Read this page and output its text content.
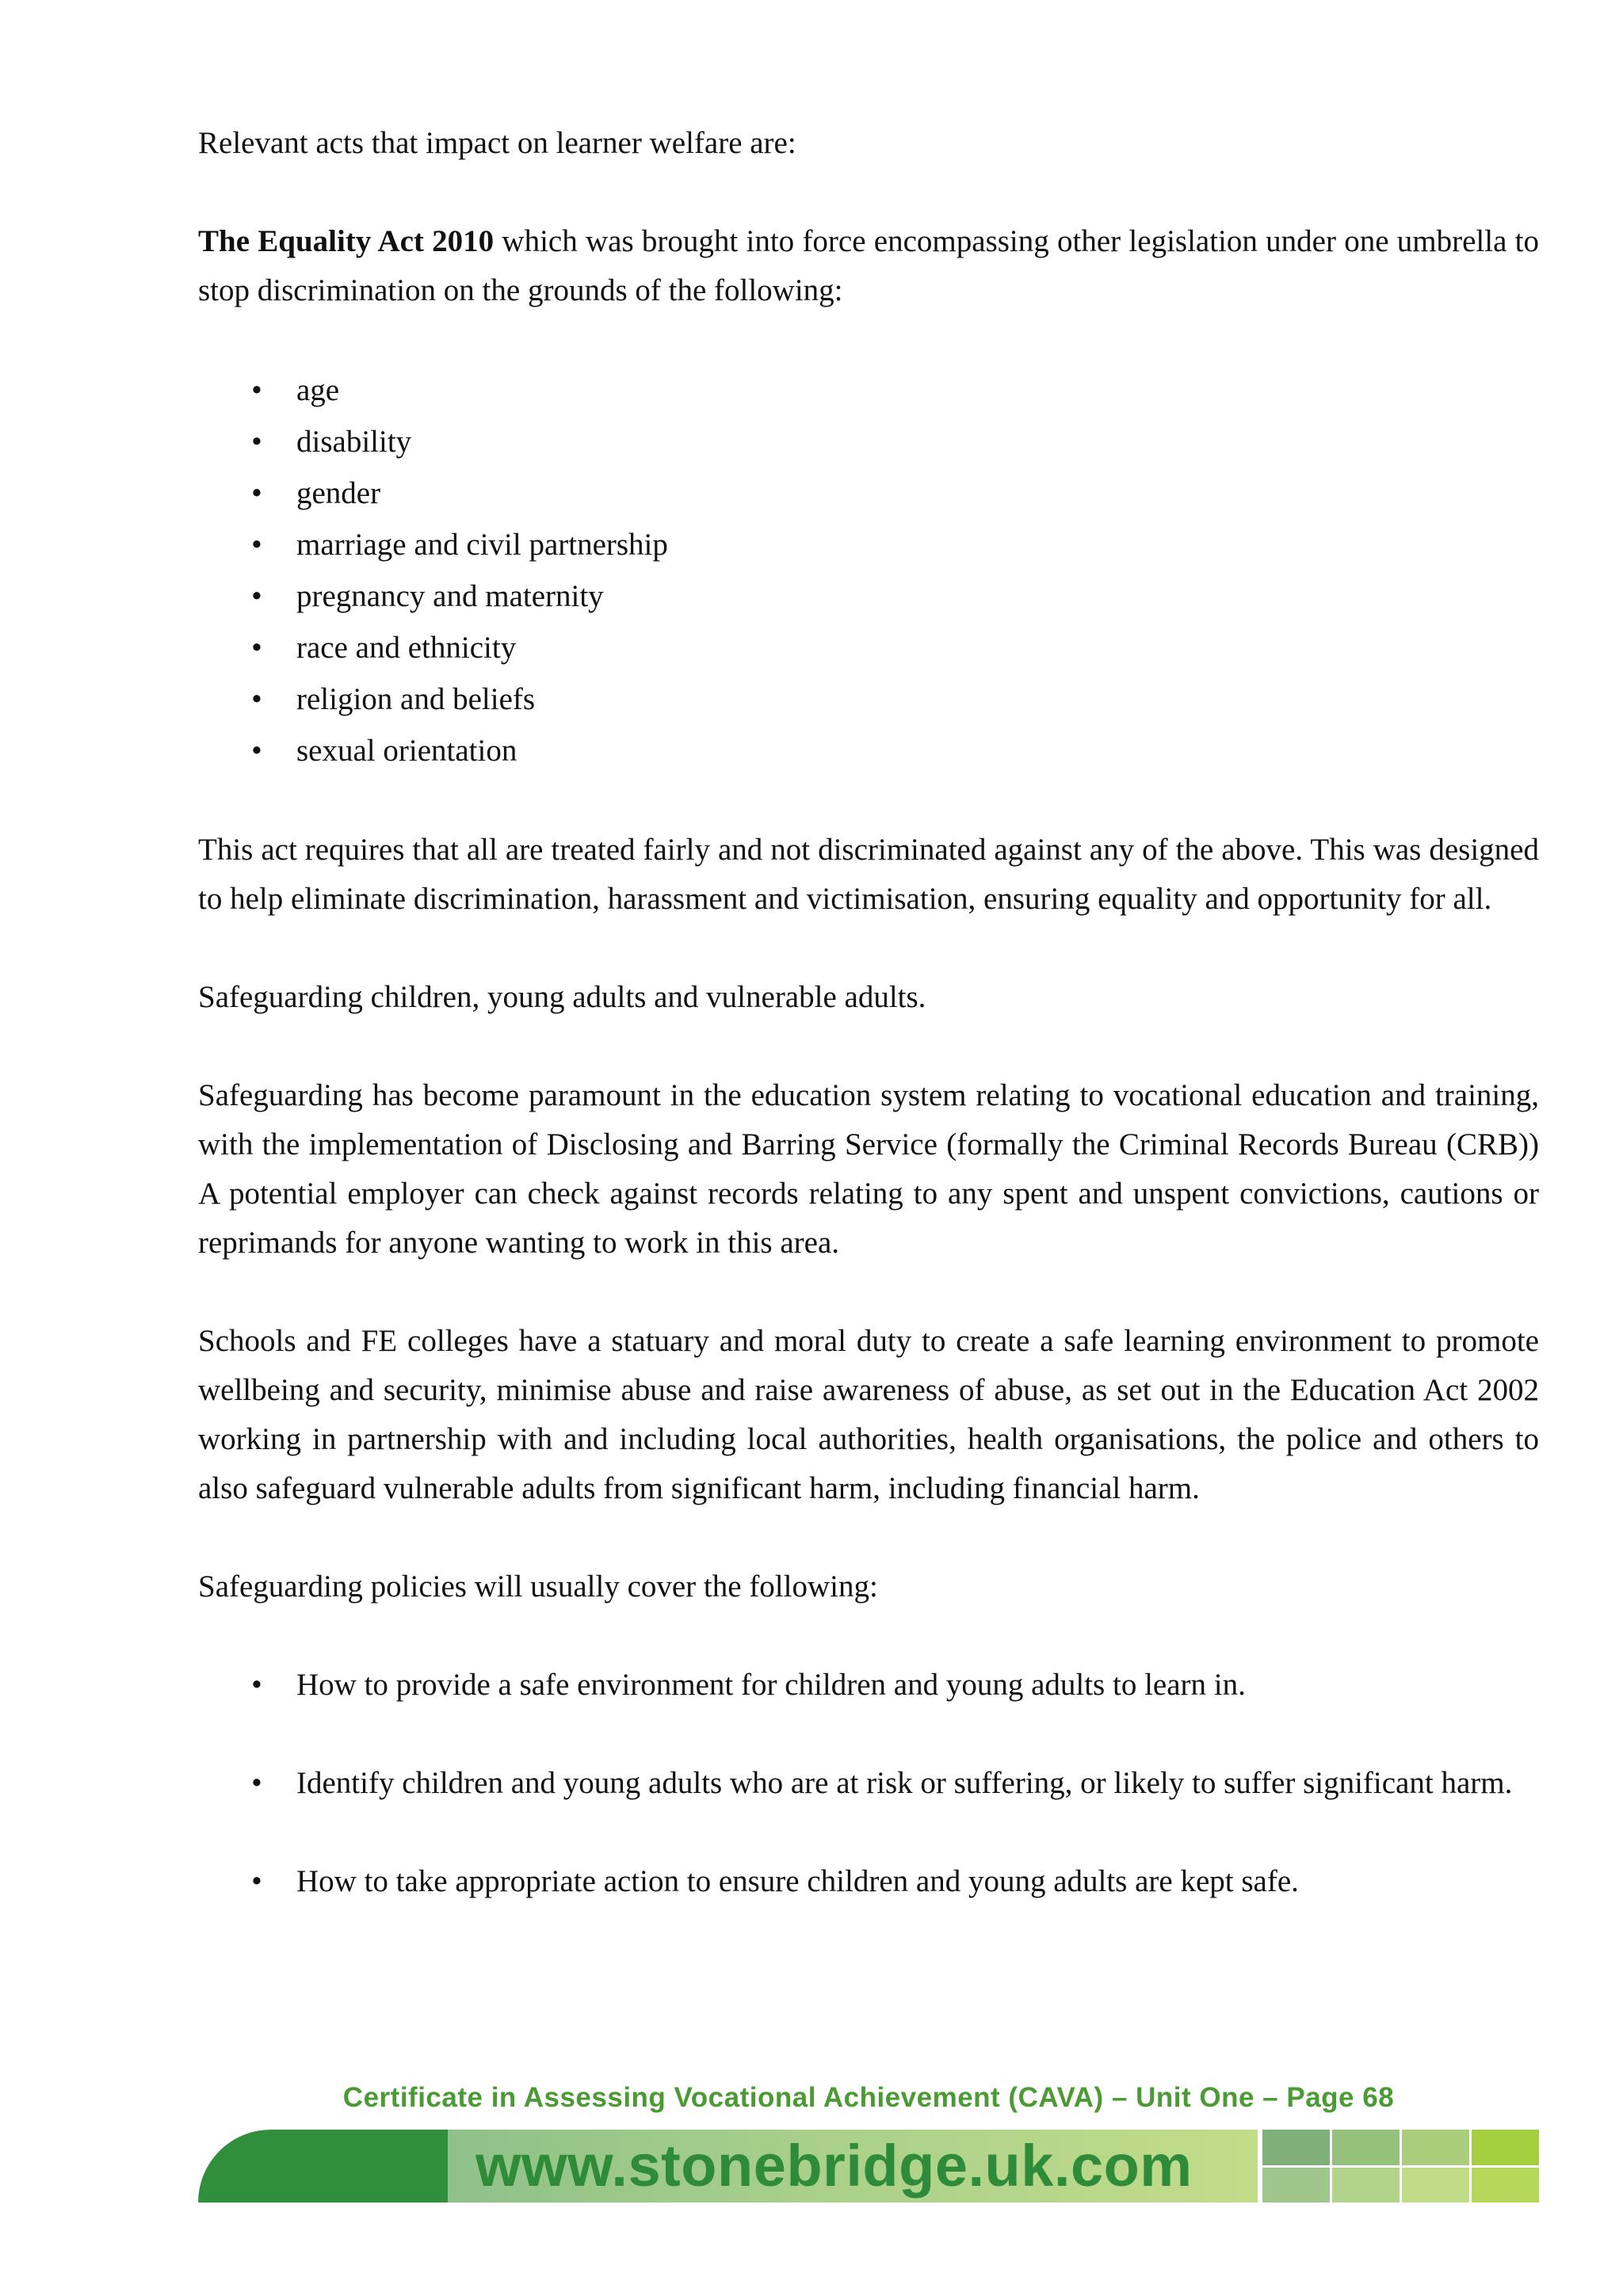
Relevant acts that impact on learner welfare are:

The Equality Act 2010 which was brought into force encompassing other legislation under one umbrella to stop discrimination on the grounds of the following:

• age
• disability
• gender
• marriage and civil partnership
• pregnancy and maternity
• race and ethnicity
• religion and beliefs
• sexual orientation

This act requires that all are treated fairly and not discriminated against any of the above. This was designed to help eliminate discrimination, harassment and victimisation, ensuring equality and opportunity for all.

Safeguarding children, young adults and vulnerable adults.

Safeguarding has become paramount in the education system relating to vocational education and training, with the implementation of Disclosing and Barring Service (formally the Criminal Records Bureau (CRB)) A potential employer can check against records relating to any spent and unspent convictions, cautions or reprimands for anyone wanting to work in this area.

Schools and FE colleges have a statuary and moral duty to create a safe learning environment to promote wellbeing and security, minimise abuse and raise awareness of abuse, as set out in the Education Act 2002 working in partnership with and including local authorities, health organisations, the police and others to also safeguard vulnerable adults from significant harm, including financial harm.

Safeguarding policies will usually cover the following:

• How to provide a safe environment for children and young adults to learn in.
• Identify children and young adults who are at risk or suffering, or likely to suffer significant harm.
• How to take appropriate action to ensure children and young adults are kept safe.
Certificate in Assessing Vocational Achievement (CAVA) – Unit One – Page 68
www.stonebridge.uk.com
